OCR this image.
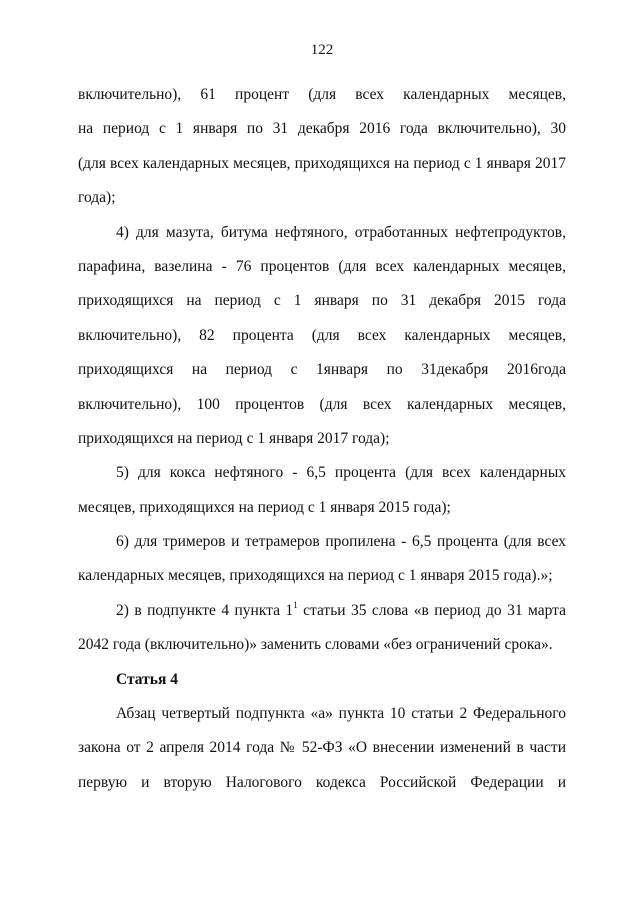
122

включительно), 61 процент (для всех календарных месяцев,
на период с 1 января по 31 декабря 2016 года включительно), 30
(для всех календарных месяцев, приходящихся на период с 1 января 2017
года);

4) для мазута, битума нефтяного, отработанных нефтепродуктов,
парафина, вазелина - 76 процентов (для всех календарных месяцев,
приходящихся на период с 1 января по 31 декабря 2015 года
включительно), 82 процента (для всех календарных месяцев,
приходящихся на период с 1января по 31декабря 2016года
включительно), 100 процентов (для всех календарных месяцев,
приходящихся на период с 1 января 2017 года);

5) для кокса нефтяного - 6,5 процента (для всех календарных
месяцев, приходящихся на период с 1 января 2015 года);

6) для тримеров и тетрамеров пропилена - 6,5 процента (для всех
календарных месяцев, приходящихся на период с 1 января 2015 года).»;

2) в подпункте 4 пункта $1^1$ статьи 35 слова «в период до 31 марта
2042 года (включительно)» заменить словами «без ограничений срока».

Статья 4

Абзац четвертый подпункта «а» пункта 10 статьи 2 Федерального
закона от 2 апреля 2014 года № 52-ФЗ «О внесении изменений в части
первую и вторую Налогового кодекса Российской Федерации и
